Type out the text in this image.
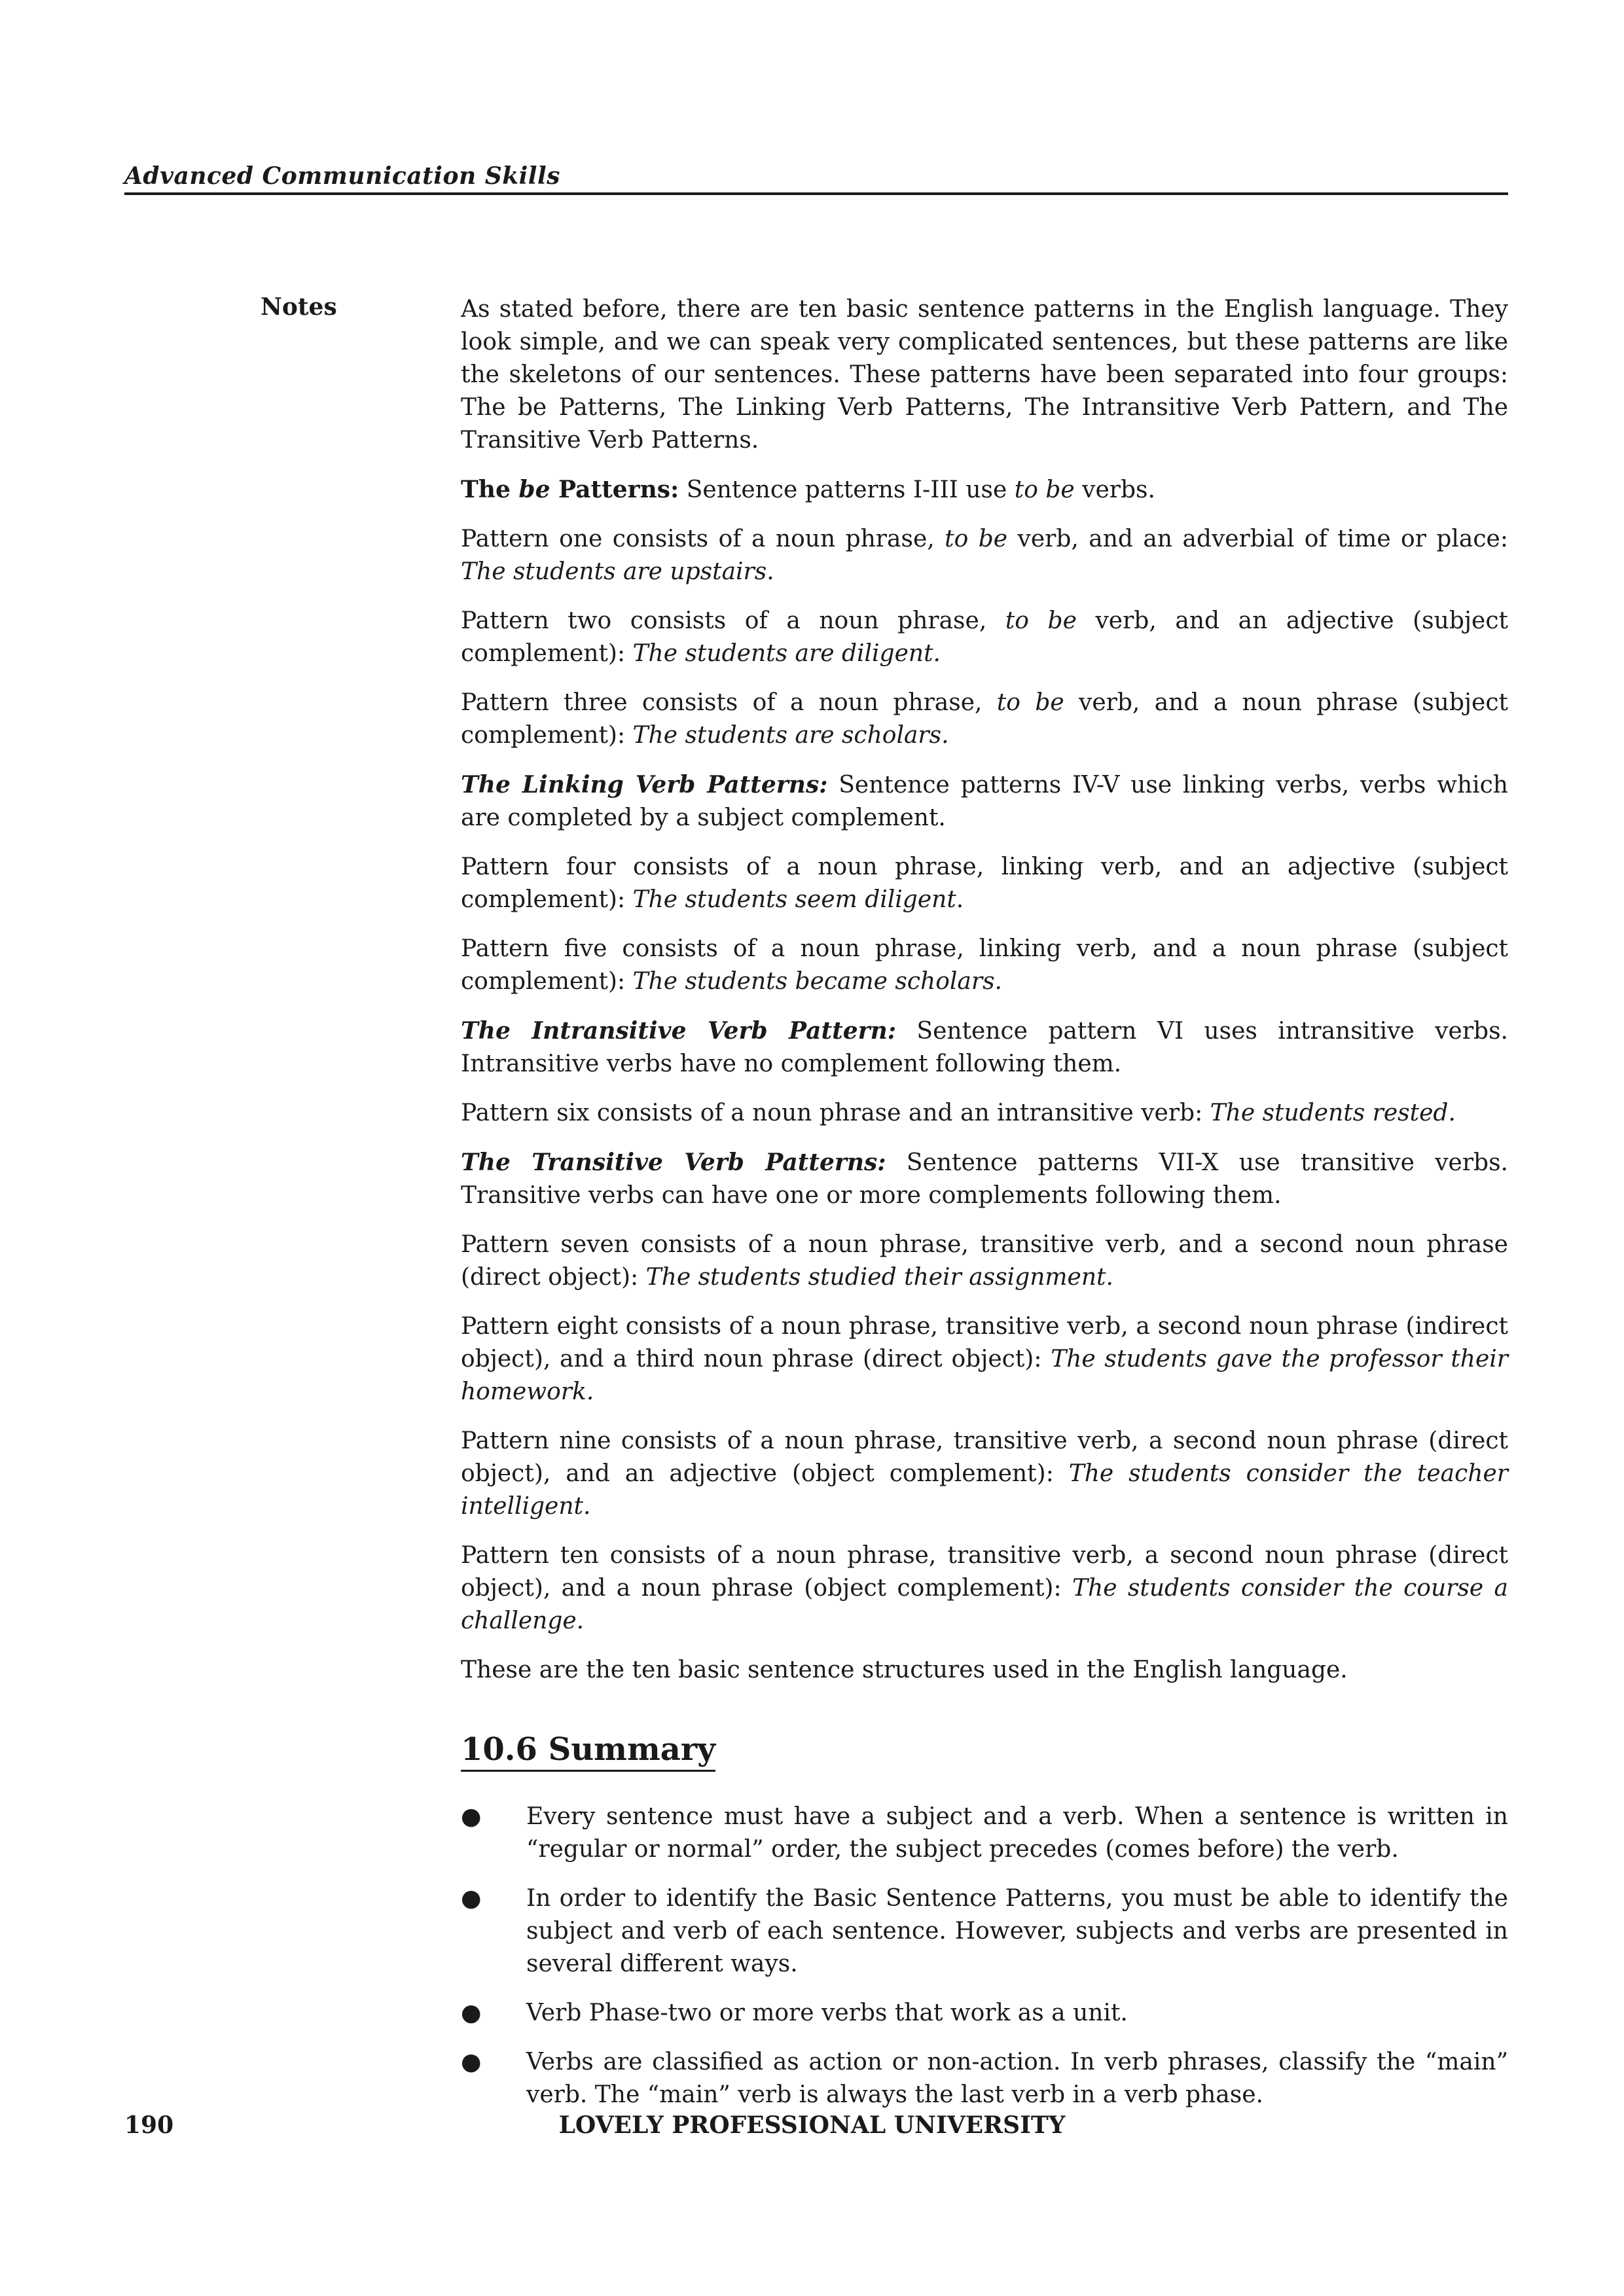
Advanced Communication Skills
Notes	As stated before, there are ten basic sentence patterns in the English language. They look simple, and we can speak very complicated sentences, but these patterns are like the skeletons of our sentences. These patterns have been separated into four groups: The be Patterns, The Linking Verb Patterns, The Intransitive Verb Pattern, and The Transitive Verb Patterns.

The be Patterns: Sentence patterns I-III use to be verbs.

Pattern one consists of a noun phrase, to be verb, and an adverbial of time or place: The students are upstairs.

Pattern two consists of a noun phrase, to be verb, and an adjective (subject complement): The students are diligent.

Pattern three consists of a noun phrase, to be verb, and a noun phrase (subject complement): The students are scholars.

The Linking Verb Patterns: Sentence patterns IV-V use linking verbs, verbs which are completed by a subject complement.

Pattern four consists of a noun phrase, linking verb, and an adjective (subject complement): The students seem diligent.

Pattern five consists of a noun phrase, linking verb, and a noun phrase (subject complement): The students became scholars.

The Intransitive Verb Pattern: Sentence pattern VI uses intransitive verbs. Intransitive verbs have no complement following them.

Pattern six consists of a noun phrase and an intransitive verb: The students rested.

The Transitive Verb Patterns: Sentence patterns VII-X use transitive verbs. Transitive verbs can have one or more complements following them.

Pattern seven consists of a noun phrase, transitive verb, and a second noun phrase (direct object): The students studied their assignment.

Pattern eight consists of a noun phrase, transitive verb, a second noun phrase (indirect object), and a third noun phrase (direct object): The students gave the professor their homework.

Pattern nine consists of a noun phrase, transitive verb, a second noun phrase (direct object), and an adjective (object complement): The students consider the teacher intelligent.

Pattern ten consists of a noun phrase, transitive verb, a second noun phrase (direct object), and a noun phrase (object complement): The students consider the course a challenge.

These are the ten basic sentence structures used in the English language.

10.6 Summary
●	Every sentence must have a subject and a verb. When a sentence is written in “regular or normal” order, the subject precedes (comes before) the verb.
●	In order to identify the Basic Sentence Patterns, you must be able to identify the subject and verb of each sentence. However, subjects and verbs are presented in several different ways.
●	Verb Phase-two or more verbs that work as a unit.
●	Verbs are classified as action or non-action. In verb phrases, classify the “main” verb. The “main” verb is always the last verb in a verb phase.
190	LOVELY PROFESSIONAL UNIVERSITY
